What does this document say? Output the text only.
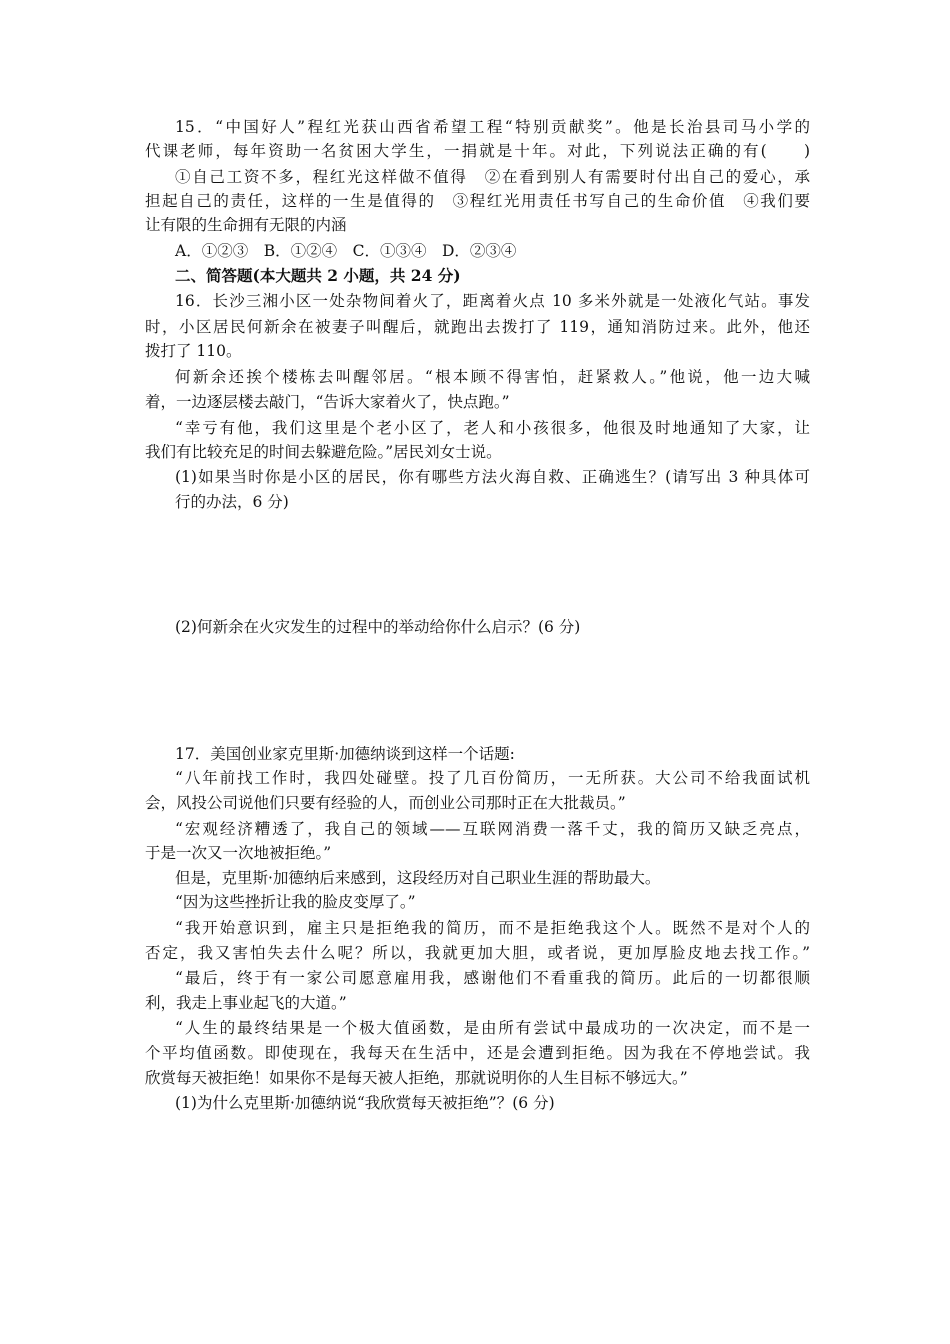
15．“中国好人”程红光获山西省希望工程“特别贡献奖”。他是长治县司马小学的
代课老师，每年资助一名贫困大学生，一捐就是十年。对此，下列说法正确的有(　　)
①自己工资不多，程红光这样做不值得　②在看到别人有需要时付出自己的爱心，承
担起自己的责任，这样的一生是值得的　③程红光用责任书写自己的生命价值　④我们要
让有限的生命拥有无限的内涵
A．①②③　B．①②④　C．①③④　D．②③④
二、简答题(本大题共 2 小题，共 24 分)
16．长沙三湘小区一处杂物间着火了，距离着火点 10 多米外就是一处液化气站。事发
时，小区居民何新余在被妻子叫醒后，就跑出去拨打了 119，通知消防过来。此外，他还
拨打了 110。
何新余还挨个楼栋去叫醒邻居。“根本顾不得害怕，赶紧救人。”他说，他一边大喊
着，一边逐层楼去敲门，“告诉大家着火了，快点跑。”
“幸亏有他，我们这里是个老小区了，老人和小孩很多，他很及时地通知了大家，让
我们有比较充足的时间去躲避危险。”居民刘女士说。
(1)如果当时你是小区的居民，你有哪些方法火海自救、正确逃生？(请写出 3 种具体可
行的办法，6 分)
(2)何新余在火灾发生的过程中的举动给你什么启示？(6 分)
17．美国创业家克里斯·加德纳谈到这样一个话题:
“八年前找工作时，我四处碰壁。投了几百份简历，一无所获。大公司不给我面试机
会，风投公司说他们只要有经验的人，而创业公司那时正在大批裁员。”
“宏观经济糟透了，我自己的领域——互联网消费一落千丈，我的简历又缺乏亮点，
于是一次又一次地被拒绝。”
但是，克里斯·加德纳后来感到，这段经历对自己职业生涯的帮助最大。
“因为这些挫折让我的脸皮变厚了。”
“我开始意识到，雇主只是拒绝我的简历，而不是拒绝我这个人。既然不是对个人的
否定，我又害怕失去什么呢？所以，我就更加大胆，或者说，更加厚脸皮地去找工作。”
“最后，终于有一家公司愿意雇用我，感谢他们不看重我的简历。此后的一切都很顺
利，我走上事业起飞的大道。”
“人生的最终结果是一个极大值函数，是由所有尝试中最成功的一次决定，而不是一
个平均值函数。即使现在，我每天在生活中，还是会遭到拒绝。因为我在不停地尝试。我
欣赏每天被拒绝！如果你不是每天被人拒绝，那就说明你的人生目标不够远大。”
(1)为什么克里斯·加德纳说“我欣赏每天被拒绝”？(6 分)
